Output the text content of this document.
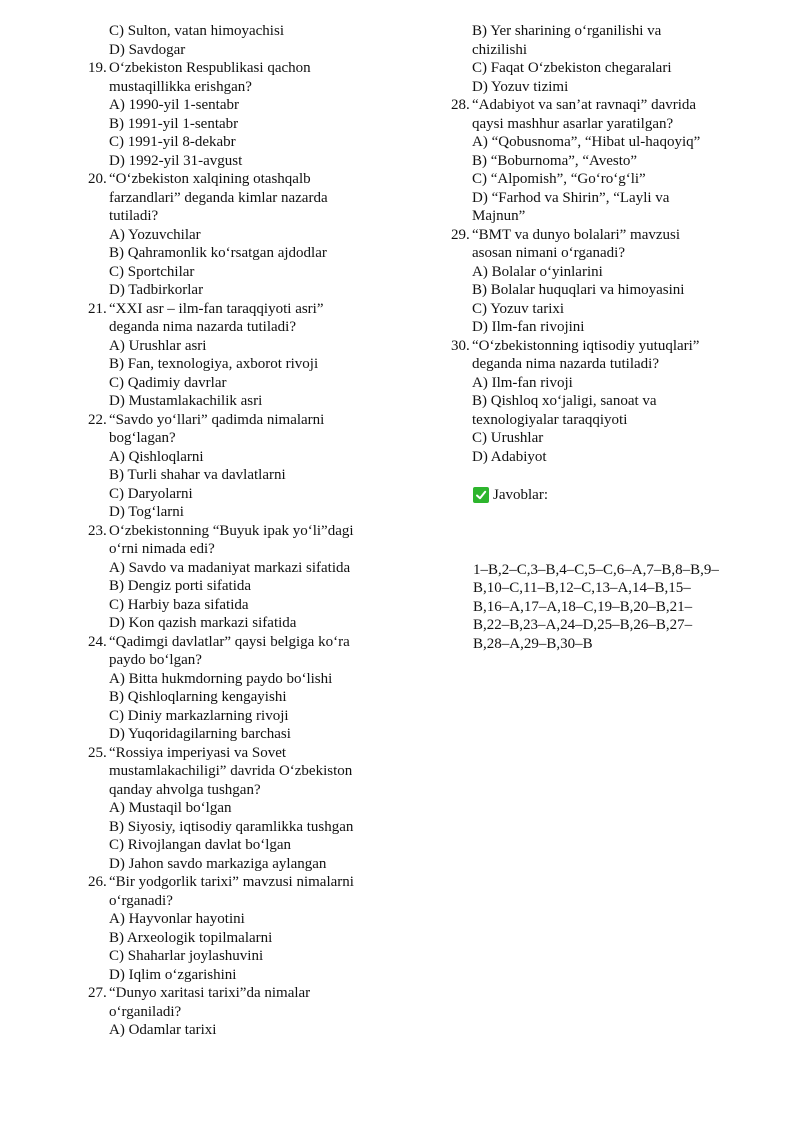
C) Sulton, vatan himoyachisi
D) Savdogar
19. O‘zbekiston Respublikasi qachon
mustaqillikka erishgan?
A) 1990-yil 1-sentabr
B) 1991-yil 1-sentabr
C) 1991-yil 8-dekabr
D) 1992-yil 31-avgust
20. “O‘zbekiston xalqining otashqalb
farzandlari” deganda kimlar nazarda
tutiladi?
A) Yozuvchilar
B) Qahramonlik ko‘rsatgan ajdodlar
C) Sportchilar
D) Tadbirkorlar
21. “XXI asr – ilm-fan taraqqiyoti asri”
deganda nima nazarda tutiladi?
A) Urushlar asri
B) Fan, texnologiya, axborot rivoji
C) Qadimiy davrlar
D) Mustamlakachilik asri
22. “Savdo yo‘llari” qadimda nimalarni
bog‘lagan?
A) Qishloqlarni
B) Turli shahar va davlatlarni
C) Daryolarni
D) Tog‘larni
23. O‘zbekistonning “Buyuk ipak yo‘li”dagi
o‘rni nimada edi?
A) Savdo va madaniyat markazi sifatida
B) Dengiz porti sifatida
C) Harbiy baza sifatida
D) Kon qazish markazi sifatida
24. “Qadimgi davlatlar” qaysi belgiga ko‘ra
paydo bo‘lgan?
A) Bitta hukmdorning paydo bo‘lishi
B) Qishloqlarning kengayishi
C) Diniy markazlarning rivoji
D) Yuqoridagilarning barchasi
25. “Rossiya imperiyasi va Sovet
mustamlakachiligi” davrida O‘zbekiston
qanday ahvolga tushgan?
A) Mustaqil bo‘lgan
B) Siyosiy, iqtisodiy qaramlikka tushgan
C) Rivojlangan davlat bo‘lgan
D) Jahon savdo markaziga aylangan
26. “Bir yodgorlik tarixi” mavzusi nimalarni
o‘rganadi?
A) Hayvonlar hayotini
B) Arxeologik topilmalarni
C) Shaharlar joylashuvini
D) Iqlim o‘zgarishini
27. “Dunyo xaritasi tarixi”da nimalar
o‘rganiladi?
A) Odamlar tarixi
B) Yer sharining o‘rganilishi va
chizilishi
C) Faqat O‘zbekiston chegaralari
D) Yozuv tizimi
28. “Adabiyot va san’at ravnaqi” davrida
qaysi mashhur asarlar yaratilgan?
A) “Qobusnoma”, “Hibat ul-haqoyiq”
B) “Boburnoma”, “Avesto”
C) “Alpomish”, “Go‘ro‘g‘li”
D) “Farhod va Shirin”, “Layli va
Majnun”
29. “BMT va dunyo bolalari” mavzusi
asosan nimani o‘rganadi?
A) Bolalar o‘yinlarini
B) Bolalar huquqlari va himoyasini
C) Yozuv tarixi
D) Ilm-fan rivojini
30. “O‘zbekistonning iqtisodiy yutuqlari”
deganda nima nazarda tutiladi?
A) Ilm-fan rivoji
B) Qishloq xo‘jaligi, sanoat va
texnologiyalar taraqqiyoti
C) Urushlar
D) Adabiyot
Javoblar:
1–B,2–C,3–B,4–C,5–C,6–A,7–B,8–B,9–
B,10–C,11–B,12–C,13–A,14–B,15–
B,16–A,17–A,18–C,19–B,20–B,21–
B,22–B,23–A,24–D,25–B,26–B,27–
B,28–A,29–B,30–B
